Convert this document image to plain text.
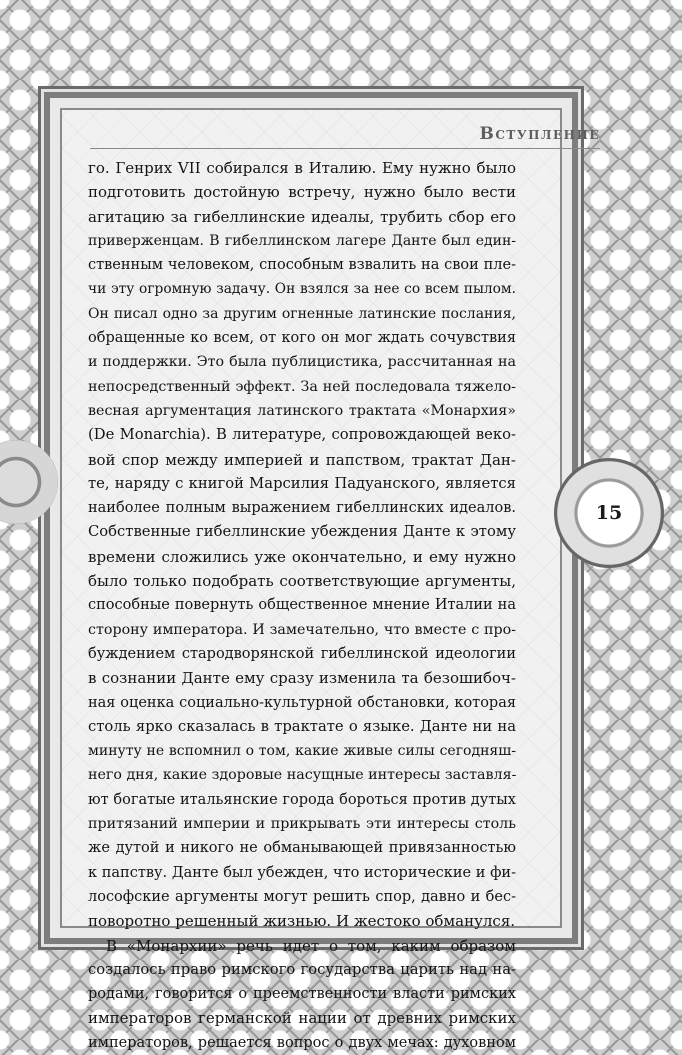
15
Вступление
го. Генрих VII собирался в Италию. Ему нужно было
подготовить достойную встречу, нужно было вести
агитацию за гибеллинские идеалы, трубить сбор его
приверженцам. В гибеллинском лагере Данте был един-
ственным человеком, способным взвалить на свои пле-
чи эту огромную задачу. Он взялся за нее со всем пылом.
Он писал одно за другим огненные латинские послания,
обращенные ко всем, от кого он мог ждать сочувствия
и поддержки. Это была публицистика, рассчитанная на
непосредственный эффект. За ней последовала тяжело-
весная аргументация латинского трактата «Монархия»
(De Monarchia). В литературе, сопровождающей веко-
вой спор между империей и папством, трактат Дан-
те, наряду с книгой Марсилия Падуанского, является
наиболее полным выражением гибеллинских идеалов.
Собственные гибеллинские убеждения Данте к этому
времени сложились уже окончательно, и ему нужно
было только подобрать соответствующие аргументы,
способные повернуть общественное мнение Италии на
сторону императора. И замечательно, что вместе с про-
буждением стародворянской гибеллинской идеологии
в сознании Данте ему сразу изменила та безошибоч-
ная оценка социально-культурной обстановки, которая
столь ярко сказалась в трактате о языке. Данте ни на
минуту не вспомнил о том, какие живые силы сегодняш-
него дня, какие здоровые насущные интересы заставля-
ют богатые итальянские города бороться против дутых
притязаний империи и прикрывать эти интересы столь
же дутой и никого не обманывающей привязанностью
к папству. Данте был убежден, что исторические и фи-
лософские аргументы могут решить спор, давно и бес-
поворотно решенный жизнью. И жестоко обманулся.
В «Монархии» речь идет о том, каким образом
создалось право римского государства царить над на-
родами, говорится о преемственности власти римских
императоров германской нации от древних римских
императоров, решается вопрос о двух мечах: духовном
